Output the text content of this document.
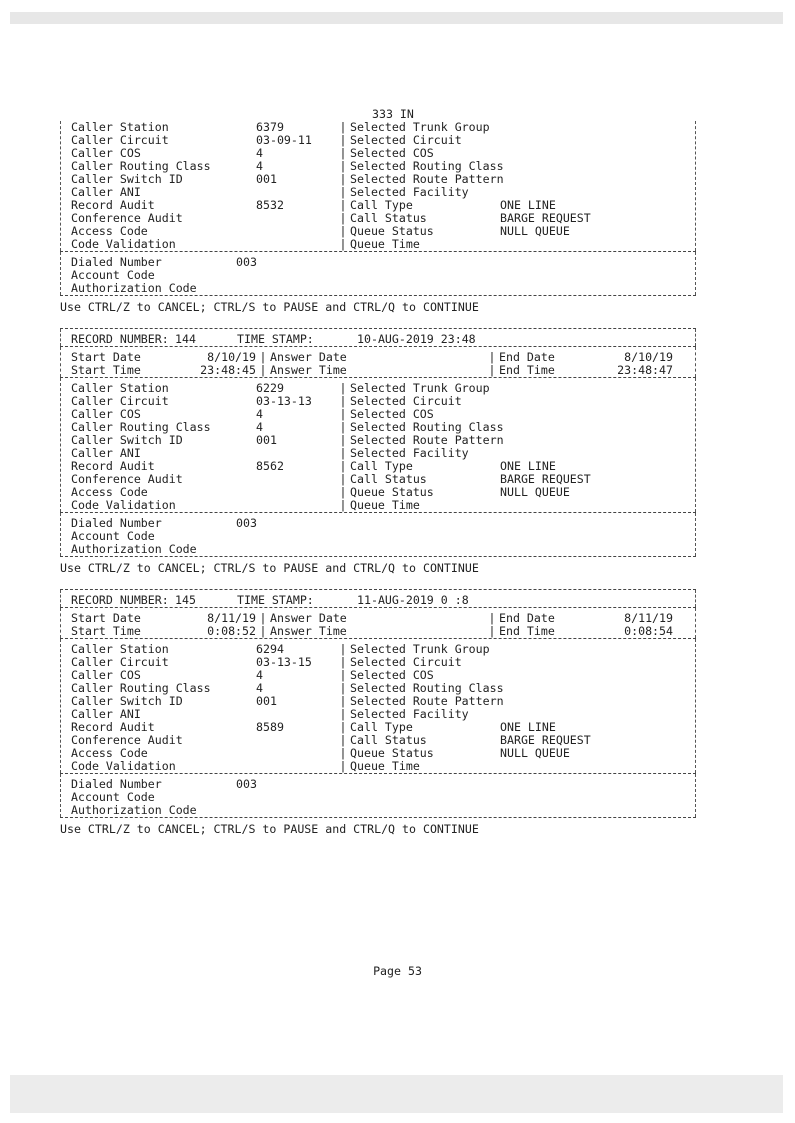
333 IN
Caller Station	6379	| Selected Trunk Group
Caller Circuit	03-09-11	| Selected Circuit
Caller COS	4	| Selected COS
Caller Routing Class	4	| Selected Routing Class
Caller Switch ID	001	| Selected Route Pattern
Caller ANI	| Selected Facility
Record Audit	8532	| Call Type	ONE LINE
Conference Audit	| Call Status	BARGE REQUEST
Access Code	| Queue Status	NULL QUEUE
Code Validation	| Queue Time
Dialed Number	003
Account Code
Authorization Code
Use CTRL/Z to CANCEL; CTRL/S to PAUSE and CTRL/Q to CONTINUE
RECORD NUMBER: 144	TIME STAMP:	10-AUG-2019 23:48
Start Date	8/10/19 | Answer Date	| End Date	8/10/19
Start Time	23:48:45 | Answer Time	| End Time	23:48:47
Caller Station	6229	| Selected Trunk Group
Caller Circuit	03-13-13	| Selected Circuit
Caller COS	4	| Selected COS
Caller Routing Class	4	| Selected Routing Class
Caller Switch ID	001	| Selected Route Pattern
Caller ANI	| Selected Facility
Record Audit	8562	| Call Type	ONE LINE
Conference Audit	| Call Status	BARGE REQUEST
Access Code	| Queue Status	NULL QUEUE
Code Validation	| Queue Time
Dialed Number	003
Account Code
Authorization Code
Use CTRL/Z to CANCEL; CTRL/S to PAUSE and CTRL/Q to CONTINUE
RECORD NUMBER: 145	TIME STAMP:	11-AUG-2019 0 :8
Start Date	8/11/19 | Answer Date	| End Date	8/11/19
Start Time	0:08:52 | Answer Time	| End Time	0:08:54
Caller Station	6294	| Selected Trunk Group
Caller Circuit	03-13-15	| Selected Circuit
Caller COS	4	| Selected COS
Caller Routing Class	4	| Selected Routing Class
Caller Switch ID	001	| Selected Route Pattern
Caller ANI	| Selected Facility
Record Audit	8589	| Call Type	ONE LINE
Conference Audit	| Call Status	BARGE REQUEST
Access Code	| Queue Status	NULL QUEUE
Code Validation	| Queue Time
Dialed Number	003
Account Code
Authorization Code
Use CTRL/Z to CANCEL; CTRL/S to PAUSE and CTRL/Q to CONTINUE
Page 53
